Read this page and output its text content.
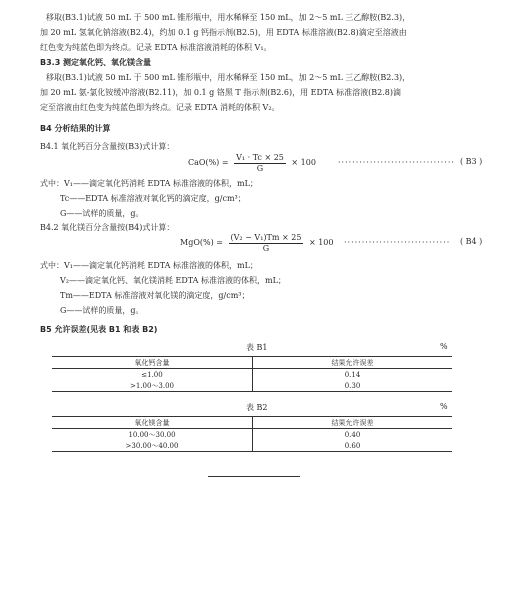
移取(B3.1)试液 50 mL 于 500 mL 锥形瓶中，用水稀释至 150 mL，加 2～5 mL 三乙醇胺(B2.3)，
加 20 mL 氢氧化钠溶液(B2.4)，约加 0.1 g 钙指示剂(B2.5)，用 EDTA 标准溶液(B2.8)滴定至溶液由
红色变为纯蓝色即为终点。记录 EDTA 标准溶液消耗的体积 V₁。
B3.3 测定氧化钙、氧化镁含量
移取(B3.1)试液 50 mL 于 500 mL 锥形瓶中，用水稀释至 150 mL，加 2～5 mL 三乙醇胺(B2.3)，
加 20 mL 氨-氯化铵缓冲溶液(B2.11)，加 0.1 g 铬黑 T 指示剂(B2.6)，用 EDTA 标准溶液(B2.8)滴
定至溶液由红色变为纯蓝色即为终点。记录 EDTA 消耗的体积 V₂。
B4 分析结果的计算
B4.1 氧化钙百分含量按(B3)式计算：
$CaO(\%) = \frac{\text{V₁ · Tc × 25}}{G} \times 100$	································· ( B3 )
式中：V₁——滴定氧化钙消耗 EDTA 标准溶液的体积，mL；
Tc——EDTA 标准溶液对氧化钙的滴定度，g/cm³；
G——试样的质量，g。
B4.2 氧化镁百分含量按(B4)式计算：
$MgO(\%) = \frac{\text{(V₂ − V₁)Tm × 25}}{G} \times 100$ ······························ ( B4 )
式中：V₁——滴定氧化钙消耗 EDTA 标准溶液的体积，mL；
V₂——滴定氧化钙、氧化镁消耗 EDTA 标准溶液的体积，mL；
Tm——EDTA 标准溶液对氧化镁的滴定度，g/cm³；
G——试样的质量，g。
B5 允许误差(见表 B1 和表 B2)
表 B1	%
氧化钙含量	结果允许误差
≤1.00	0.14
>1.00～3.00	0.30
表 B2	%
氧化镁含量	结果允许误差
10.00～30.00	0.40
>30.00～40.00	0.60
